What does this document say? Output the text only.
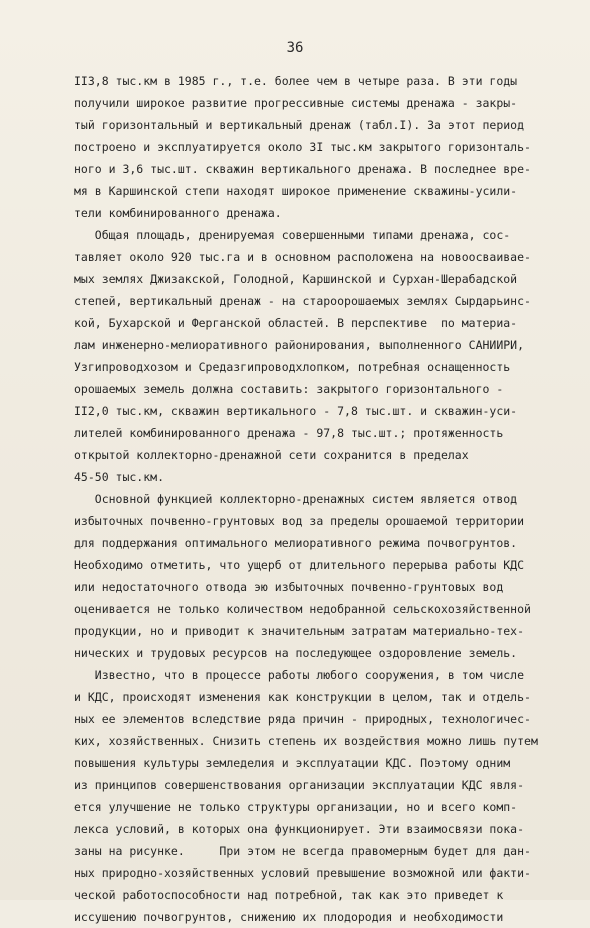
36
II3,8 тыс.км в 1985 г., т.е. более чем в четыре раза. В эти годы
получили широкое развитие прогрессивные системы дренажа - закры-
тый горизонтальный и вертикальный дренаж (табл.I). За этот период
построено и эксплуатируется около 3I тыс.км закрытого горизонталь-
ного и 3,6 тыс.шт. скважин вертикального дренажа. В последнее вре-
мя в Каршинской степи находят широкое применение скважины-усили-
тели комбинированного дренажа.
Общая площадь, дренируемая совершенными типами дренажа, сос-
тавляет около 920 тыс.га и в основном расположена на новоосваивае-
мых землях Джизакской, Голодной, Каршинской и Сурхан-Шерабадской
степей, вертикальный дренаж - на староорошаемых землях Сырдарьинс-
кой, Бухарской и Ферганской областей. В перспективе  по материа-
лам инженерно-мелиоративного районирования, выполненного САНИИРИ,
Узгипроводхозом и Средазгипроводхлопком, потребная оснащенность
орошаемых земель должна составить: закрытого горизонтального -
II2,0 тыс.км, скважин вертикального - 7,8 тыс.шт. и скважин-уси-
лителей комбинированного дренажа - 97,8 тыс.шт.; протяженность
открытой коллекторно-дренажной сети сохранится в пределах
45-50 тыс.км.
Основной функцией коллекторно-дренажных систем является отвод
избыточных почвенно-грунтовых вод за пределы орошаемой территории
для поддержания оптимального мелиоративного режима почвогрунтов.
Необходимо отметить, что ущерб от длительного перерыва работы КДС
или недостаточного отвода эю избыточных почвенно-грунтовых вод
оценивается не только количеством недобранной сельскохозяйственной
продукции, но и приводит к значительным затратам материально-тех-
нических и трудовых ресурсов на последующее оздоровление земель.
Известно, что в процессе работы любого сооружения, в том числе
и КДС, происходят изменения как конструкции в целом, так и отдель-
ных ее элементов вследствие ряда причин - природных, технологичес-
ких, хозяйственных. Снизить степень их воздействия можно лишь путем
повышения культуры земледелия и эксплуатации КДС. Поэтому одним
из принципов совершенствования организации эксплуатации КДС явля-
ется улучшение не только структуры организации, но и всего комп-
лекса условий, в которых она функционирует. Эти взаимосвязи пока-
заны на рисунке.     При этом не всегда правомерным будет для дан-
ных природно-хозяйственных условий превышение возможной или факти-
ческой работоспособности над потребной, так как это приведет к
иссушению почвогрунтов, снижению их плодородия и необходимости
